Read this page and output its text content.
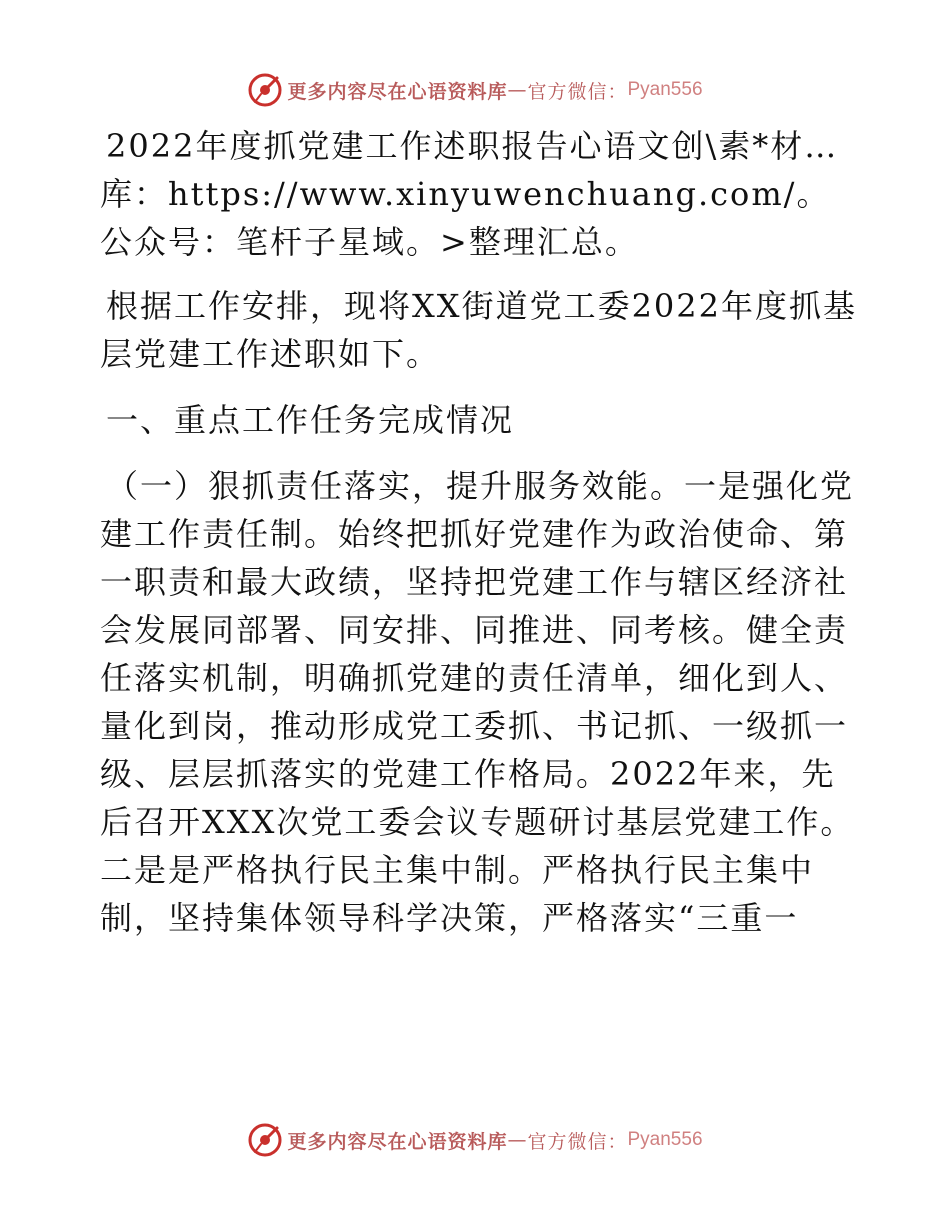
更多内容尽在心语资料库 — 官方微信： Pyan556

2022年度抓党建工作述职报告心语文创\素*材…库：https://www.xinyuwenchuang.com/。公众号：笔杆子星域。>整理汇总。

根据工作安排，现将XX街道党工委2022年度抓基层党建工作述职如下。

一、重点工作任务完成情况

（一）狠抓责任落实，提升服务效能。一是强化党建工作责任制。始终把抓好党建作为政治使命、第一职责和最大政绩，坚持把党建工作与辖区经济社会发展同部署、同安排、同推进、同考核。健全责任落实机制，明确抓党建的责任清单，细化到人、量化到岗，推动形成党工委抓、书记抓、一级抓一级、层层抓落实的党建工作格局。2022年来，先后召开XXX次党工委会议专题研讨基层党建工作。二是是严格执行民主集中制。严格执行民主集中制，坚持集体领导科学决策，严格落实“三重一

更多内容尽在心语资料库 — 官方微信： Pyan556
